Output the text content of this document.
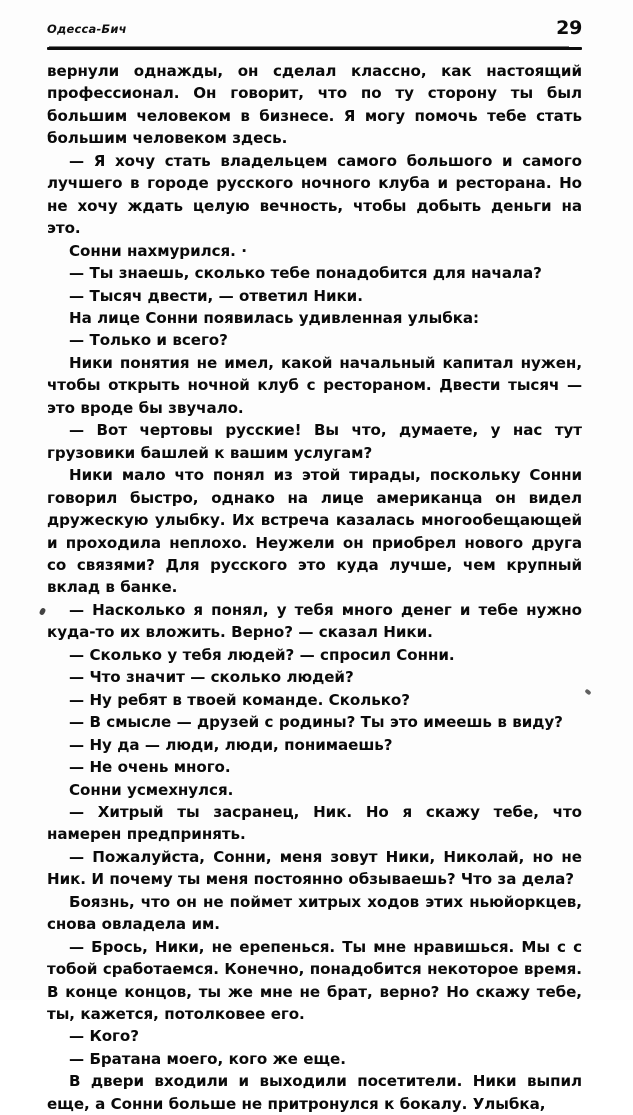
Одесса-Бич	29

вернули однажды, он сделал классно, как настоящий профессионал. Он говорит, что по ту сторону ты был большим человеком в бизнесе. Я могу помочь тебе стать большим человеком здесь.

— Я хочу стать владельцем самого большого и самого лучшего в городе русского ночного клуба и ресторана. Но не хочу ждать целую вечность, чтобы добыть деньги на это.

Сонни нахмурился. ·

— Ты знаешь, сколько тебе понадобится для начала?

— Тысяч двести, — ответил Ники.

На лице Сонни появилась удивленная улыбка:

— Только и всего?

Ники понятия не имел, какой начальный капитал нужен, чтобы открыть ночной клуб с рестораном. Двести тысяч — это вроде бы звучало.

— Вот чертовы русские! Вы что, думаете, у нас тут грузовики башлей к вашим услугам?

Ники мало что понял из этой тирады, поскольку Сонни говорил быстро, однако на лице американца он видел дружескую улыбку. Их встреча казалась многообещающей и проходила неплохо. Неужели он приобрел нового друга со связями? Для русского это куда лучше, чем крупный вклад в банке.

— Насколько я понял, у тебя много денег и тебе нужно куда-то их вложить. Верно? — сказал Ники.

— Сколько у тебя людей? — спросил Сонни.

— Что значит — сколько людей?

— Ну ребят в твоей команде. Сколько?

— В смысле — друзей с родины? Ты это имеешь в виду?

— Ну да — люди, люди, понимаешь?

— Не очень много.

Сонни усмехнулся.

— Хитрый ты засранец, Ник. Но я скажу тебе, что намерен предпринять.

— Пожалуйста, Сонни, меня зовут Ники, Николай, но не Ник. И почему ты меня постоянно обзываешь? Что за дела?

Боязнь, что он не поймет хитрых ходов этих ньюйоркцев, снова овладела им.

— Брось, Ники, не ерепенься. Ты мне нравишься. Мы с с тобой сработаемся. Конечно, понадобится некоторое время. В конце концов, ты же мне не брат, верно? Но скажу тебе, ты, кажется, потолковее его.

— Кого?

— Братана моего, кого же еще.

В двери входили и выходили посетители. Ники выпил еще, а Сонни больше не притронулся к бокалу. Улыбка,
